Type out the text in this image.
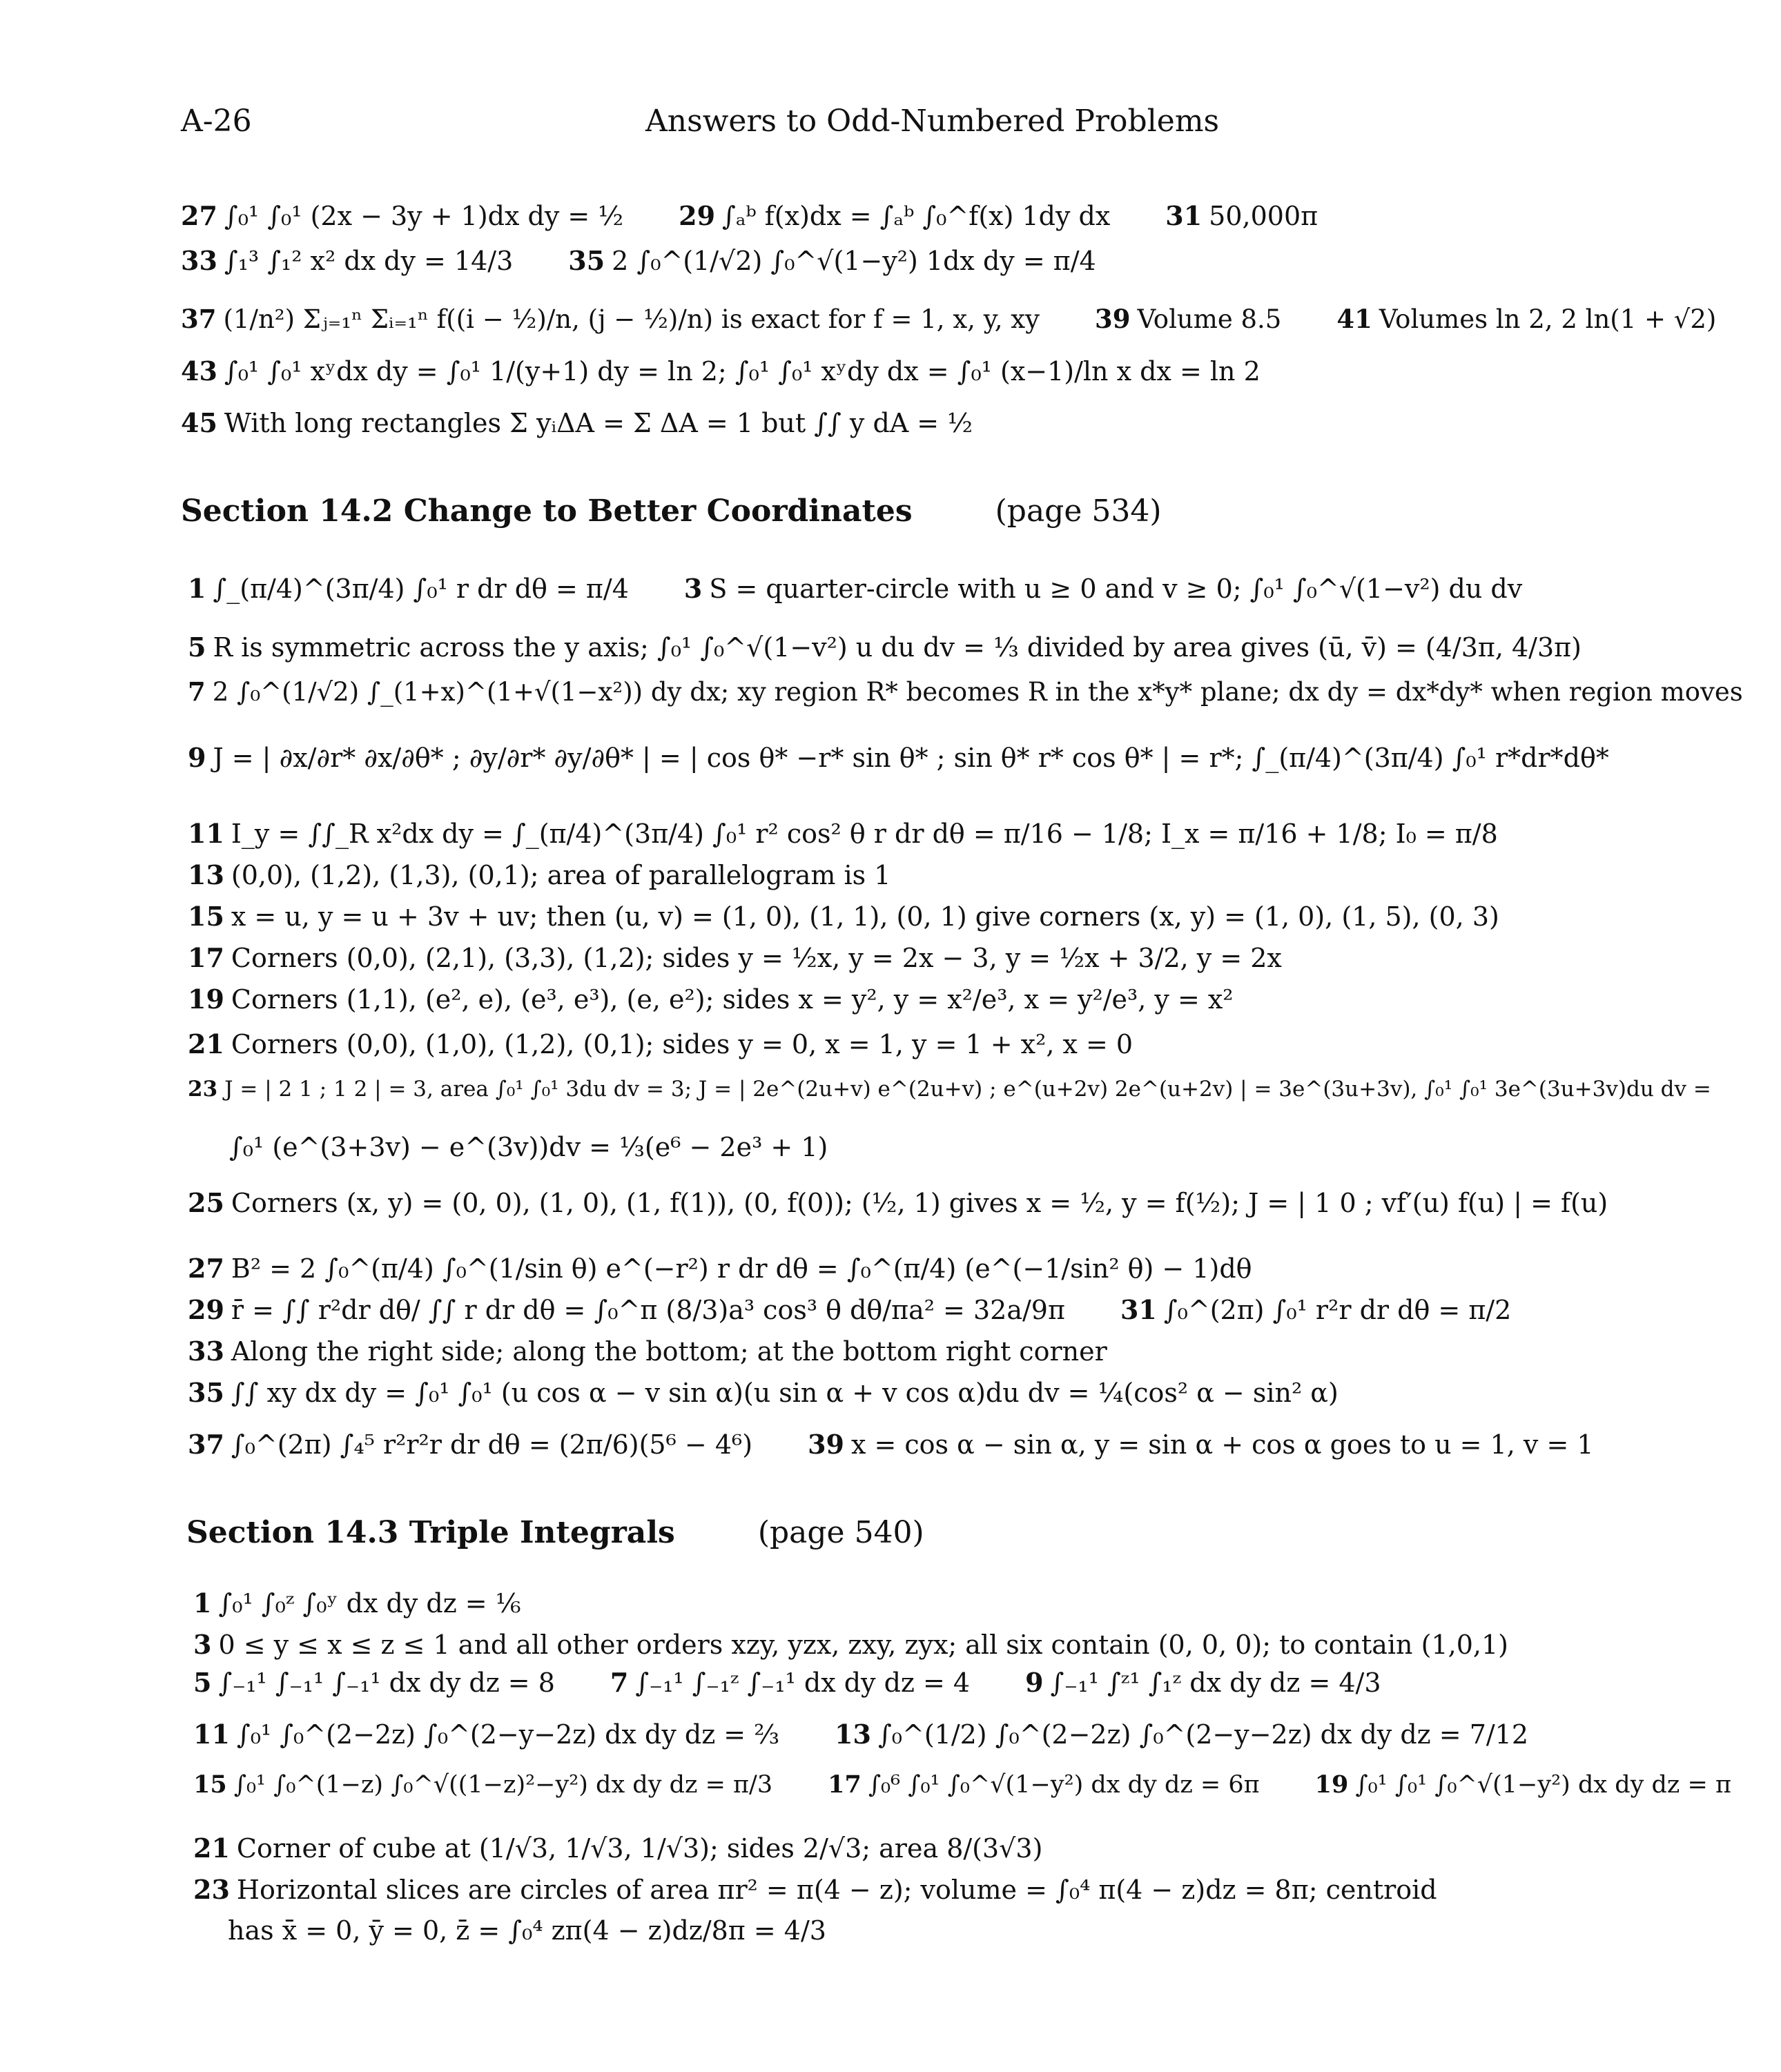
A-26	Answers to Odd-Numbered Problems
27 ∫₀¹ ∫₀¹ (2x − 3y + 1)dx dy = ½ 29 ∫ₐᵇ f(x)dx = ∫ₐᵇ ∫₀^f(x) 1dy dx 31 50,000π
33 ∫₁³ ∫₁² x² dx dy = 14/3 35 2 ∫₀^(1/√2) ∫₀^√(1−y²) 1dx dy = π/4
37 (1/n²) Σⱼ₌₁ⁿ Σᵢ₌₁ⁿ f((i − ½)/n, (j − ½)/n) is exact for f = 1, x, y, xy 39 Volume 8.5 41 Volumes ln 2, 2 ln(1 + √2)
43 ∫₀¹ ∫₀¹ xʸdx dy = ∫₀¹ 1/(y+1) dy = ln 2; ∫₀¹ ∫₀¹ xʸdy dx = ∫₀¹ (x−1)/ln x dx = ln 2
45 With long rectangles Σ yᵢΔA = Σ ΔA = 1 but ∫∫ y dA = ½
Section 14.2 Change to Better Coordinates	(page 534)
1 ∫_(π/4)^(3π/4) ∫₀¹ r dr dθ = π/4 3 S = quarter-circle with u ≥ 0 and v ≥ 0; ∫₀¹ ∫₀^√(1−v²) du dv
5 R is symmetric across the y axis; ∫₀¹ ∫₀^√(1−v²) u du dv = ⅓ divided by area gives (ū, v̄) = (4/3π, 4/3π)
7 2 ∫₀^(1/√2) ∫_(1+x)^(1+√(1−x²)) dy dx; xy region R* becomes R in the x*y* plane; dx dy = dx*dy* when region moves
9 J = | ∂x/∂r* ∂x/∂θ* ; ∂y/∂r* ∂y/∂θ* | = | cos θ* −r* sin θ* ; sin θ* r* cos θ* | = r*; ∫_(π/4)^(3π/4) ∫₀¹ r*dr*dθ*
11 I_y = ∫∫_R x²dx dy = ∫_(π/4)^(3π/4) ∫₀¹ r² cos² θ r dr dθ = π/16 − 1/8; I_x = π/16 + 1/8; I₀ = π/8
13 (0,0), (1,2), (1,3), (0,1); area of parallelogram is 1
15 x = u, y = u + 3v + uv; then (u, v) = (1, 0), (1, 1), (0, 1) give corners (x, y) = (1, 0), (1, 5), (0, 3)
17 Corners (0,0), (2,1), (3,3), (1,2); sides y = ½x, y = 2x − 3, y = ½x + 3/2, y = 2x
19 Corners (1,1), (e², e), (e³, e³), (e, e²); sides x = y², y = x²/e³, x = y²/e³, y = x²
21 Corners (0,0), (1,0), (1,2), (0,1); sides y = 0, x = 1, y = 1 + x², x = 0
23 J = | 2 1 ; 1 2 | = 3, area ∫₀¹ ∫₀¹ 3du dv = 3; J = | 2e^(2u+v) e^(2u+v) ; e^(u+2v) 2e^(u+2v) | = 3e^(3u+3v), ∫₀¹ ∫₀¹ 3e^(3u+3v)du dv =
∫₀¹ (e^(3+3v) − e^(3v))dv = ⅓(e⁶ − 2e³ + 1)
25 Corners (x, y) = (0, 0), (1, 0), (1, f(1)), (0, f(0)); (½, 1) gives x = ½, y = f(½); J = | 1 0 ; vf′(u) f(u) | = f(u)
27 B² = 2 ∫₀^(π/4) ∫₀^(1/sin θ) e^(−r²) r dr dθ = ∫₀^(π/4) (e^(−1/sin² θ) − 1)dθ
29 r̄ = ∫∫ r²dr dθ/ ∫∫ r dr dθ = ∫₀^π (8/3)a³ cos³ θ dθ/πa² = 32a/9π 31 ∫₀^(2π) ∫₀¹ r²r dr dθ = π/2
33 Along the right side; along the bottom; at the bottom right corner
35 ∫∫ xy dx dy = ∫₀¹ ∫₀¹ (u cos α − v sin α)(u sin α + v cos α)du dv = ¼(cos² α − sin² α)
37 ∫₀^(2π) ∫₄⁵ r²r²r dr dθ = (2π/6)(5⁶ − 4⁶) 39 x = cos α − sin α, y = sin α + cos α goes to u = 1, v = 1
Section 14.3 Triple Integrals	(page 540)
1 ∫₀¹ ∫₀ᶻ ∫₀ʸ dx dy dz = ⅙
3 0 ≤ y ≤ x ≤ z ≤ 1 and all other orders xzy, yzx, zxy, zyx; all six contain (0, 0, 0); to contain (1,0,1)
5 ∫₋₁¹ ∫₋₁¹ ∫₋₁¹ dx dy dz = 8 7 ∫₋₁¹ ∫₋₁ᶻ ∫₋₁¹ dx dy dz = 4 9 ∫₋₁¹ ∫ᶻ¹ ∫₁ᶻ dx dy dz = 4/3
11 ∫₀¹ ∫₀^(2−2z) ∫₀^(2−y−2z) dx dy dz = ⅔ 13 ∫₀^(1/2) ∫₀^(2−2z) ∫₀^(2−y−2z) dx dy dz = 7/12
15 ∫₀¹ ∫₀^(1−z) ∫₀^√((1−z)²−y²) dx dy dz = π/3 17 ∫₀⁶ ∫₀¹ ∫₀^√(1−y²) dx dy dz = 6π 19 ∫₀¹ ∫₀¹ ∫₀^√(1−y²) dx dy dz = π
21 Corner of cube at (1/√3, 1/√3, 1/√3); sides 2/√3; area 8/(3√3)
23 Horizontal slices are circles of area πr² = π(4 − z); volume = ∫₀⁴ π(4 − z)dz = 8π; centroid
has x̄ = 0, ȳ = 0, z̄ = ∫₀⁴ zπ(4 − z)dz/8π = 4/3
